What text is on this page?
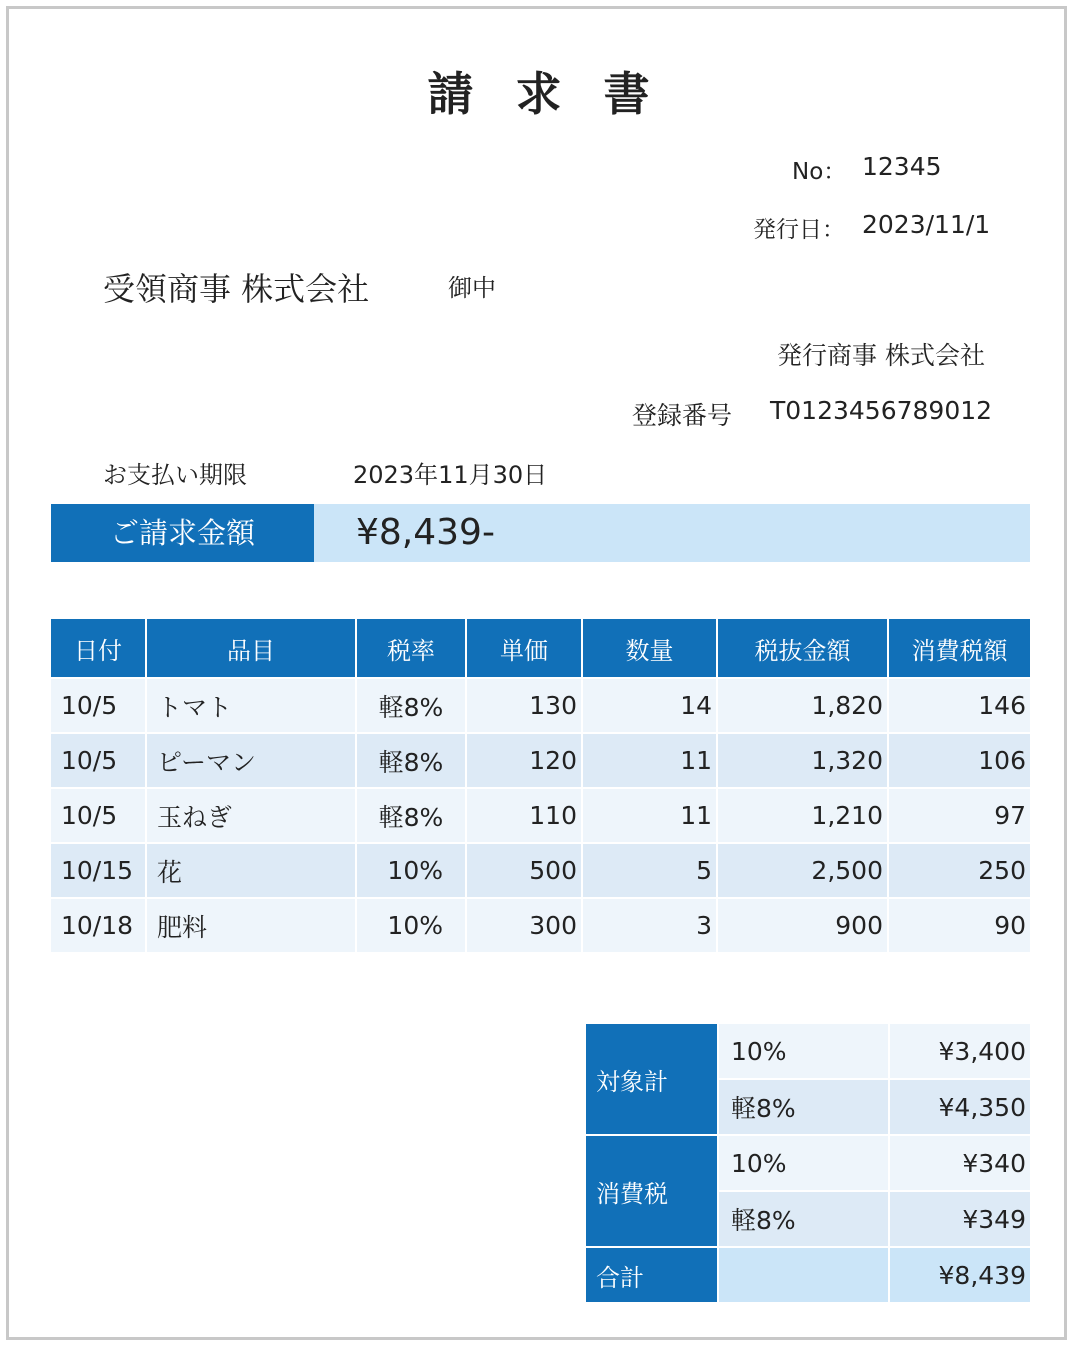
請求書
No： 12345
発行日： 2023/11/1
受領商事 株式会社	御中
発行商事 株式会社
登録番号 T0123456789012
お支払い期限	2023年11月30日
ご請求金額	¥8,439-
日付	品目	税率	単価	数量	税抜金額	消費税額
10/5	トマト	軽8%	130	14	1,820	146
10/5	ピーマン	軽8%	120	11	1,320	106
10/5	玉ねぎ	軽8%	110	11	1,210	97
10/15	花	10%	500	5	2,500	250
10/18	肥料	10%	300	3	900	90
対象計	10%	¥3,400
	軽8%	¥4,350
消費税	10%	¥340
	軽8%	¥349
合計		¥8,439
